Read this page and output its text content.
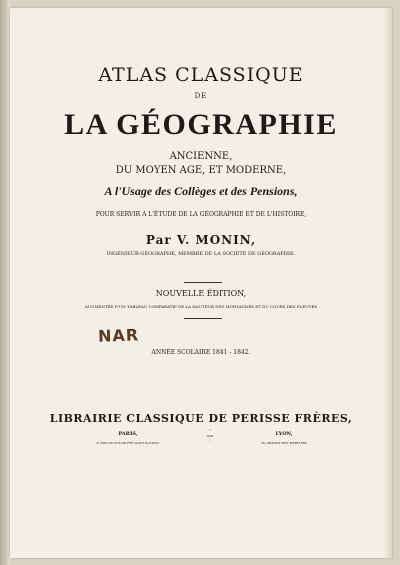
ATLAS CLASSIQUE
DE
LA GÉOGRAPHIE
ANCIENNE,
DU MOYEN AGE, ET MODERNE,
A l'Usage des Collèges et des Pensions,
POUR SERVIR A L'ÉTUDE DE LA GÉOGRAPHIE ET DE L'HISTOIRE,
Par V. MONIN,
INGÉNIEUR-GÉOGRAPHE, MEMBRE DE LA SOCIÉTÉ DE GÉOGRAPHIE.
NOUVELLE ÉDITION,
AUGMENTÉE D'UN TABLEAU COMPARATIF DE LA HAUTEUR DES MONTAGNES ET DU COURS DES FLEUVES
NAR
ANNÉE SCOLAIRE 1841 - 1842.
LIBRAIRIE CLASSIQUE DE PERISSE FRÈRES,
PARIS,
8, RUE DU POT-DE-FER SAINT-SULPICE
•
1841
•
LYON,
33, GRANDE RUE MERCIÈRE
